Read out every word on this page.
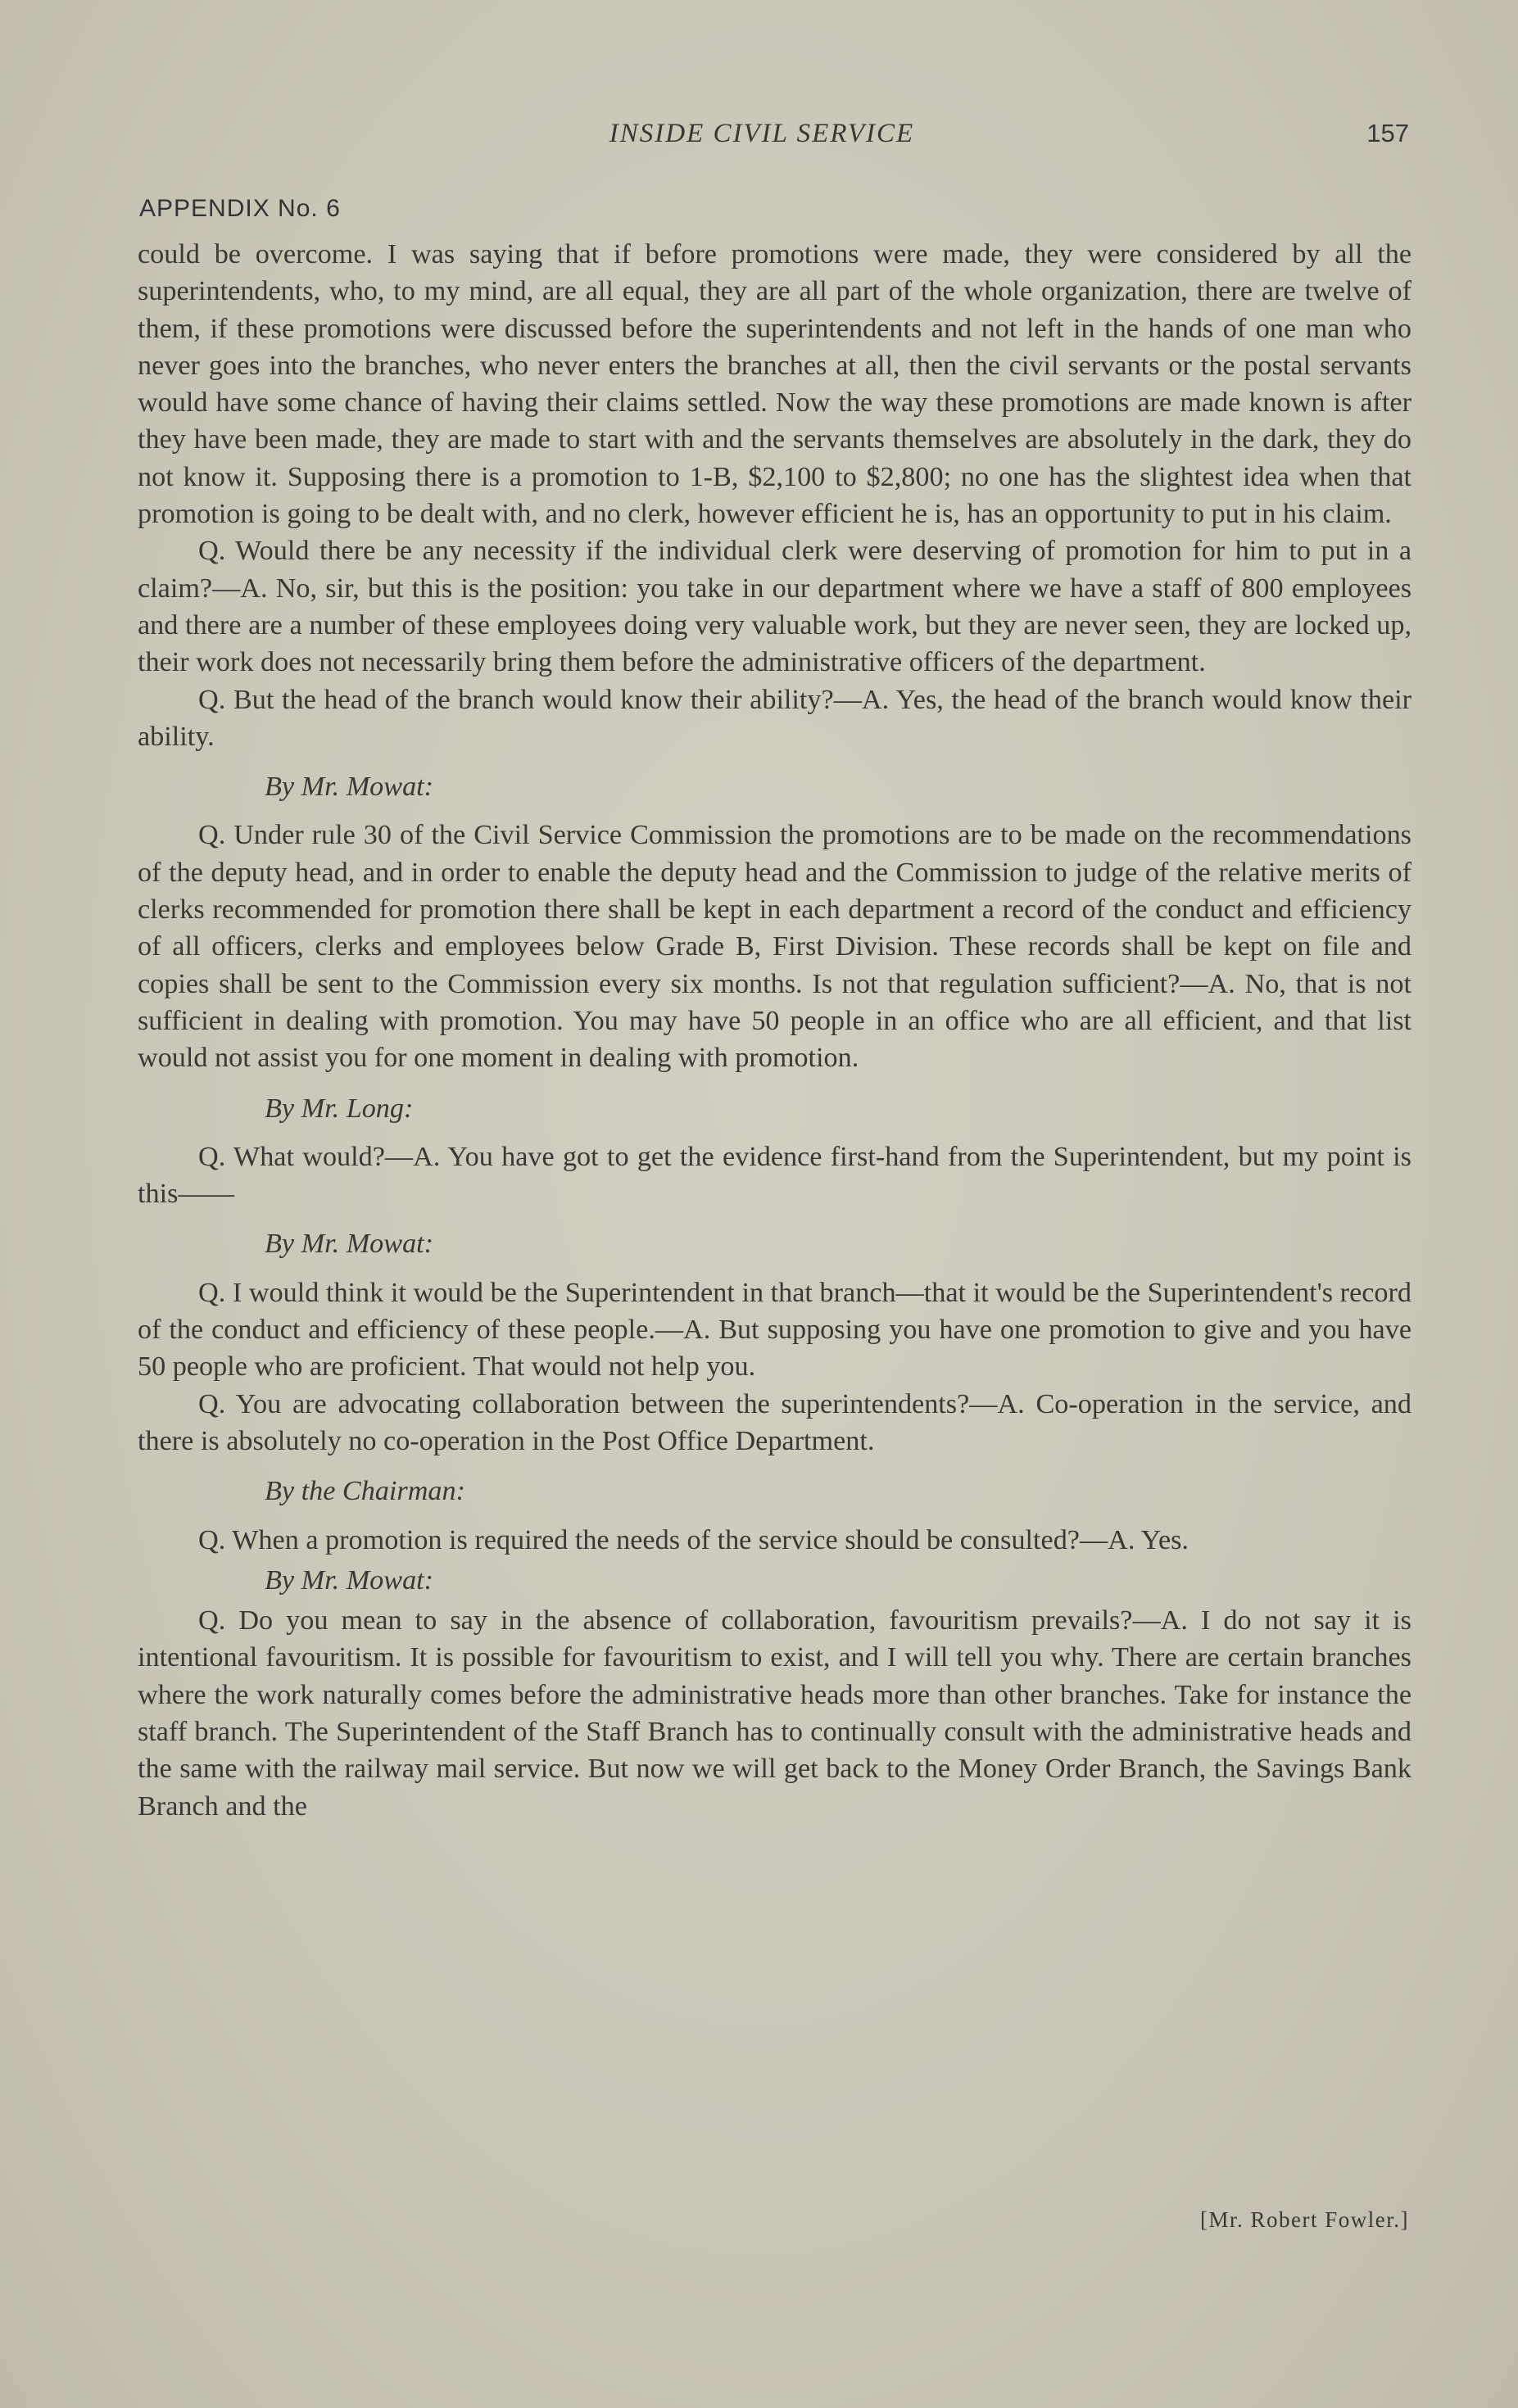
INSIDE CIVIL SERVICE	157
APPENDIX No. 6

could be overcome. I was saying that if before promotions were made, they were considered by all the superintendents, who, to my mind, are all equal, they are all part of the whole organization, there are twelve of them, if these promotions were discussed before the superintendents and not left in the hands of one man who never goes into the branches, who never enters the branches at all, then the civil servants or the postal servants would have some chance of having their claims settled. Now the way these promotions are made known is after they have been made, they are made to start with and the servants themselves are absolutely in the dark, they do not know it. Supposing there is a promotion to 1-B, $2,100 to $2,800; no one has the slightest idea when that promotion is going to be dealt with, and no clerk, however efficient he is, has an opportunity to put in his claim.

Q. Would there be any necessity if the individual clerk were deserving of promotion for him to put in a claim?—A. No, sir, but this is the position: you take in our department where we have a staff of 800 employees and there are a number of these employees doing very valuable work, but they are never seen, they are locked up, their work does not necessarily bring them before the administrative officers of the department.

Q. But the head of the branch would know their ability?—A. Yes, the head of the branch would know their ability.

By Mr. Mowat:

Q. Under rule 30 of the Civil Service Commission the promotions are to be made on the recommendations of the deputy head, and in order to enable the deputy head and the Commission to judge of the relative merits of clerks recommended for promotion there shall be kept in each department a record of the conduct and efficiency of all officers, clerks and employees below Grade B, First Division. These records shall be kept on file and copies shall be sent to the Commission every six months. Is not that regulation sufficient?—A. No, that is not sufficient in dealing with promotion. You may have 50 people in an office who are all efficient, and that list would not assist you for one moment in dealing with promotion.

By Mr. Long:

Q. What would?—A. You have got to get the evidence first-hand from the Superintendent, but my point is this——

By Mr. Mowat:

Q. I would think it would be the Superintendent in that branch—that it would be the Superintendent's record of the conduct and efficiency of these people.—A. But supposing you have one promotion to give and you have 50 people who are proficient. That would not help you.

Q. You are advocating collaboration between the superintendents?—A. Co-operation in the service, and there is absolutely no co-operation in the Post Office Department.

By the Chairman:

Q. When a promotion is required the needs of the service should be consulted?—A. Yes.

By Mr. Mowat:

Q. Do you mean to say in the absence of collaboration, favouritism prevails?—A. I do not say it is intentional favouritism. It is possible for favouritism to exist, and I will tell you why. There are certain branches where the work naturally comes before the administrative heads more than other branches. Take for instance the staff branch. The Superintendent of the Staff Branch has to continually consult with the administrative heads and the same with the railway mail service. But now we will get back to the Money Order Branch, the Savings Bank Branch and the

[Mr. Robert Fowler.]
